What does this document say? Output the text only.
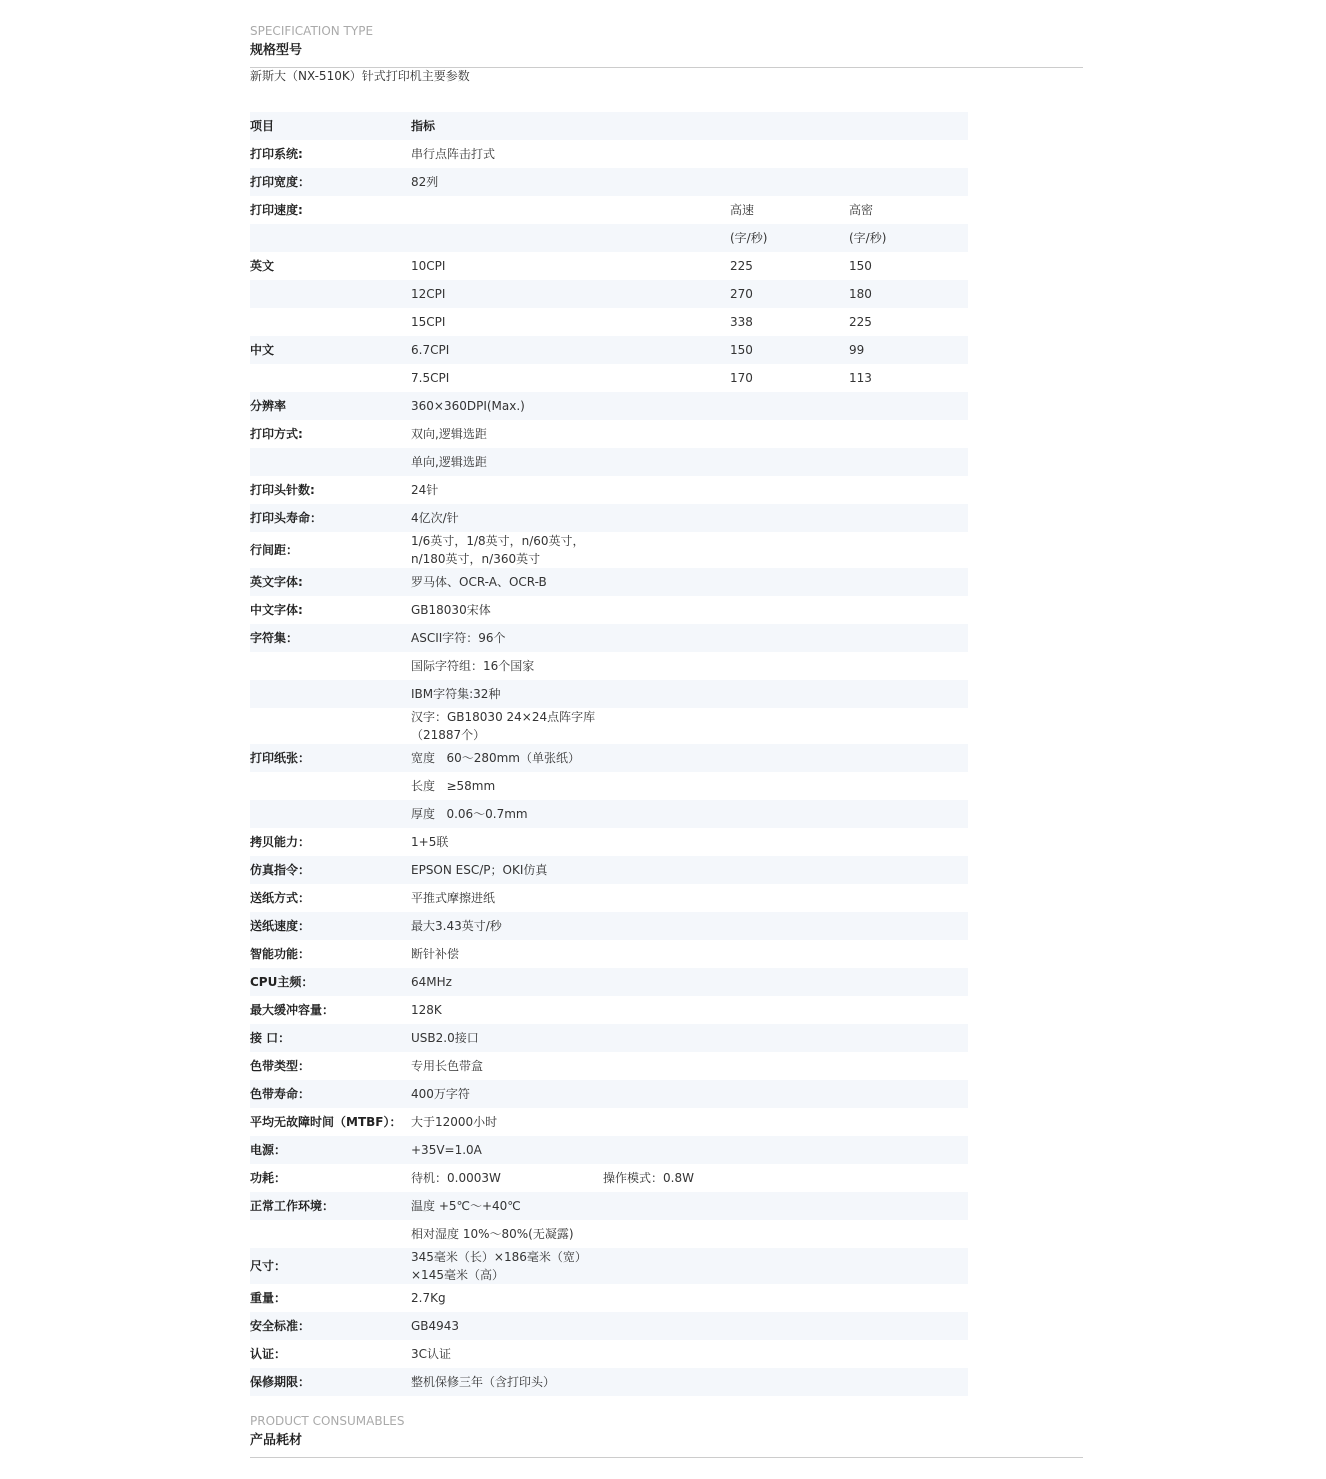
SPECIFICATION TYPE
规格型号
新斯大（NX-510K）针式打印机主要参数
项目	指标		
打印系统:	串行点阵击打式		
打印宽度：	82列		
打印速度:		高速	高密
		(字/秒)	(字/秒)
英文	10CPI	225	150
	12CPI	270	180
	15CPI	338	225
中文	6.7CPI	150	99
	7.5CPI	170	113
分辨率	360×360DPI(Max.)		
打印方式:	双向,逻辑选距		
	单向,逻辑选距		
打印头针数:	24针		
打印头寿命：	4亿次/针		
行间距：	1/6英寸，1/8英寸，n/60英寸，n/180英寸，n/360英寸		

英文字体:	罗马体、OCR-A、OCR-B		
中文字体:	GB18030宋体		
字符集：	ASCII字符：96个		
	国际字符组：16个国家		
	IBM字符集:32种		

	汉字：GB18030 24×24点阵字库（21887个）		

打印纸张：	宽度   60～280mm（单张纸）		
	长度   ≥58mm		
	厚度   0.06～0.7mm		
拷贝能力：	1+5联		
仿真指令：	EPSON ESC/P；OKI仿真		
送纸方式：	平推式摩擦进纸		
送纸速度：	最大3.43英寸/秒		
智能功能：	断针补偿		
CPU主频：	64MHz		
最大缓冲容量：	128K		
接 口：	USB2.0接口		
色带类型：	专用长色带盒		
色带寿命：	400万字符		
平均无故障时间（MTBF）：	大于12000小时		
电源：	+35V=1.0A		
功耗：	待机：0.0003W 操作模式：0.8W		
正常工作环境：	温度 +5℃～+40℃		
	相对湿度 10%～80%(无凝露)		
尺寸：	345毫米（长）×186毫米（宽）×145毫米（高）		

重量：	2.7Kg		
安全标准：	GB4943		
认证：	3C认证		
保修期限：	整机保修三年（含打印头）		
PRODUCT CONSUMABLES
产品耗材
